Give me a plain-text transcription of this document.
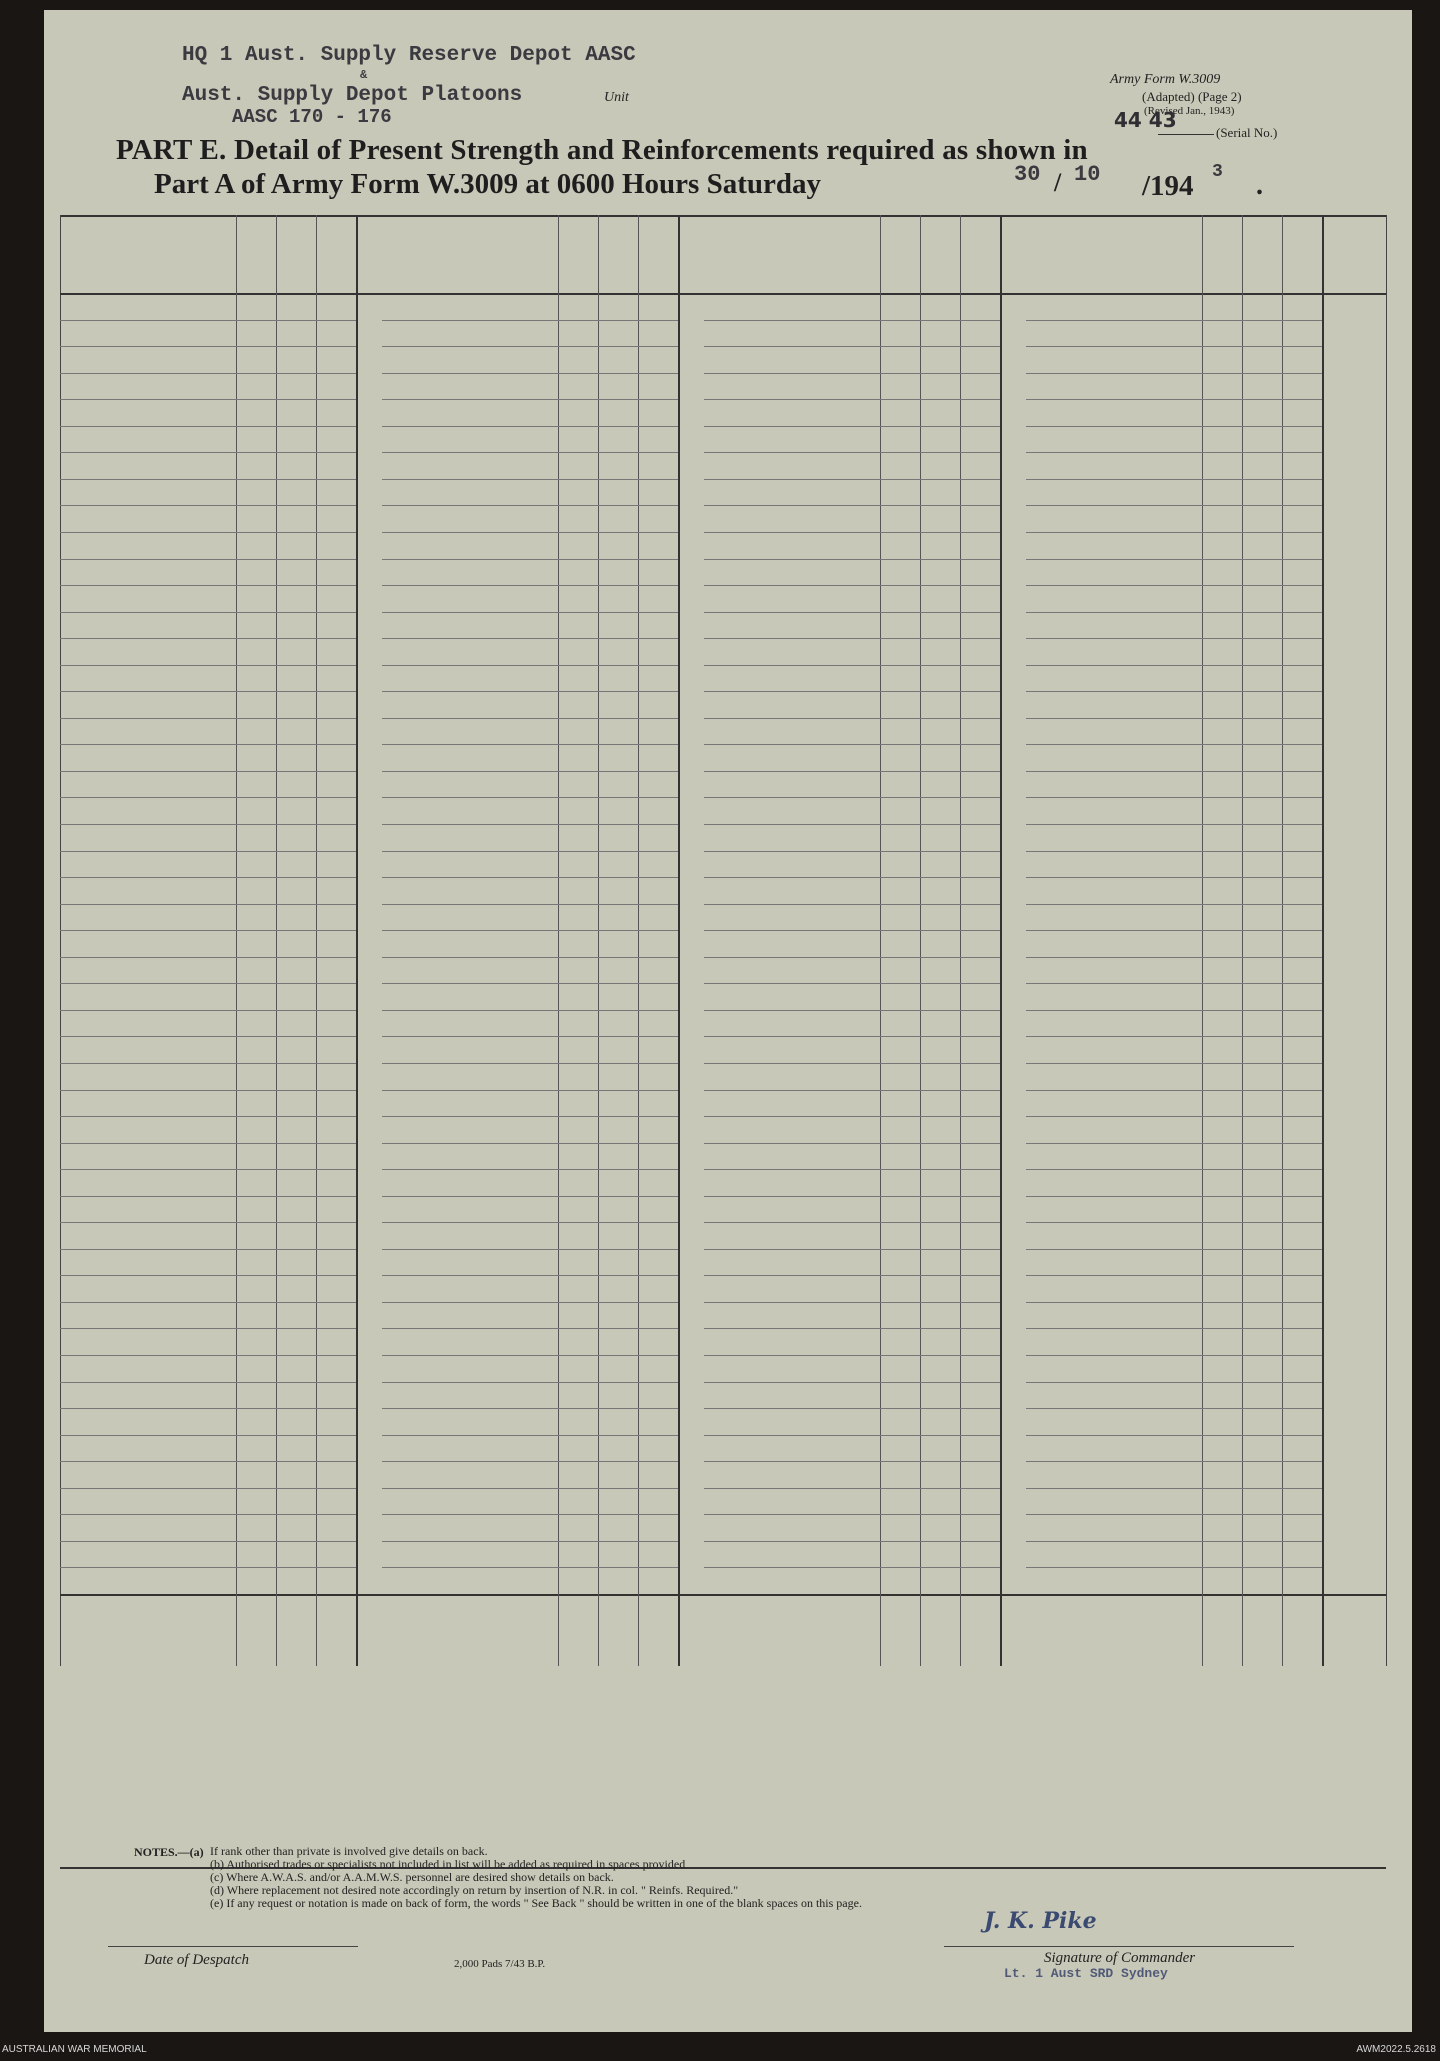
HQ 1 Aust. Supply Reserve Depot AASC
&
Aust. Supply Depot Platoons	Unit
AASC 170 - 176
Army Form W.3009
(Adapted) (Page 2)
(Revised Jan., 1943)
44 43
(Serial No.)
PART E. Detail of Present Strength and Reinforcements required as shown in
Part A of Army Form W.3009 at 0600 Hours Saturday	30 / 10 /194 3 .
NOTES.—(a) If rank other than private is involved give details on back.
(b) Authorised trades or specialists not included in list will be added as required in spaces provided
(c) Where A.W.A.S. and/or A.A.M.W.S. personnel are desired show details on back.
(d) Where replacement not desired note accordingly on return by insertion of N.R. in col. " Reinfs. Required."
(e) If any request or notation is made on back of form, the words " See Back " should be written in one of the blank spaces on this page.
J. K. Pike
Date of Despatch	2,000 Pads 7/43 B.P.	Signature of Commander
Lt. 1 Aust SRD Sydney
AUSTRALIAN WAR MEMORIAL	AWM2022.5.2618
